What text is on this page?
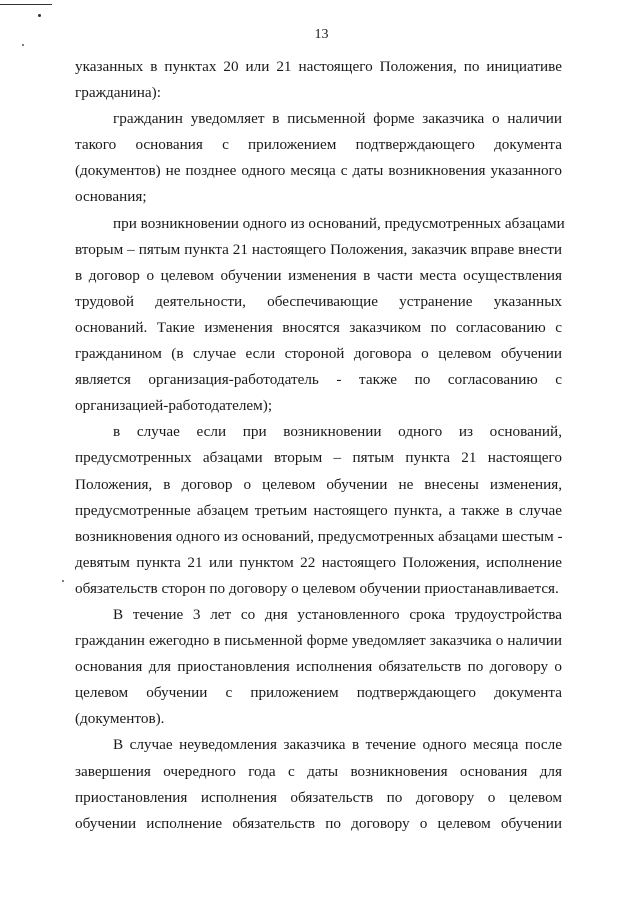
13
указанных в пунктах 20 или 21 настоящего Положения, по инициативе
гражданина):
гражданин уведомляет в письменной форме заказчика о наличии
такого основания с приложением подтверждающего документа
(документов) не позднее одного месяца с даты возникновения указанного
основания;
при возникновении одного из оснований, предусмотренных абзацами
вторым – пятым пункта 21 настоящего Положения, заказчик вправе внести
в договор о целевом обучении изменения в части места осуществления
трудовой деятельности, обеспечивающие устранение указанных
оснований. Такие изменения вносятся заказчиком по согласованию с
гражданином (в случае если стороной договора о целевом обучении
является организация-работодатель - также по согласованию с
организацией-работодателем);
в случае если при возникновении одного из оснований,
предусмотренных абзацами вторым – пятым пункта 21 настоящего
Положения, в договор о целевом обучении не внесены изменения,
предусмотренные абзацем третьим настоящего пункта, а также в случае
возникновения одного из оснований, предусмотренных абзацами шестым -
девятым пункта 21 или пунктом 22 настоящего Положения, исполнение
обязательств сторон по договору о целевом обучении приостанавливается.
В течение 3 лет со дня установленного срока трудоустройства
гражданин ежегодно в письменной форме уведомляет заказчика о наличии
основания для приостановления исполнения обязательств по договору о
целевом обучении с приложением подтверждающего документа
(документов).
В случае неуведомления заказчика в течение одного месяца после
завершения очередного года с даты возникновения основания для
приостановления исполнения обязательств по договору о целевом
обучении исполнение обязательств по договору о целевом обучении
